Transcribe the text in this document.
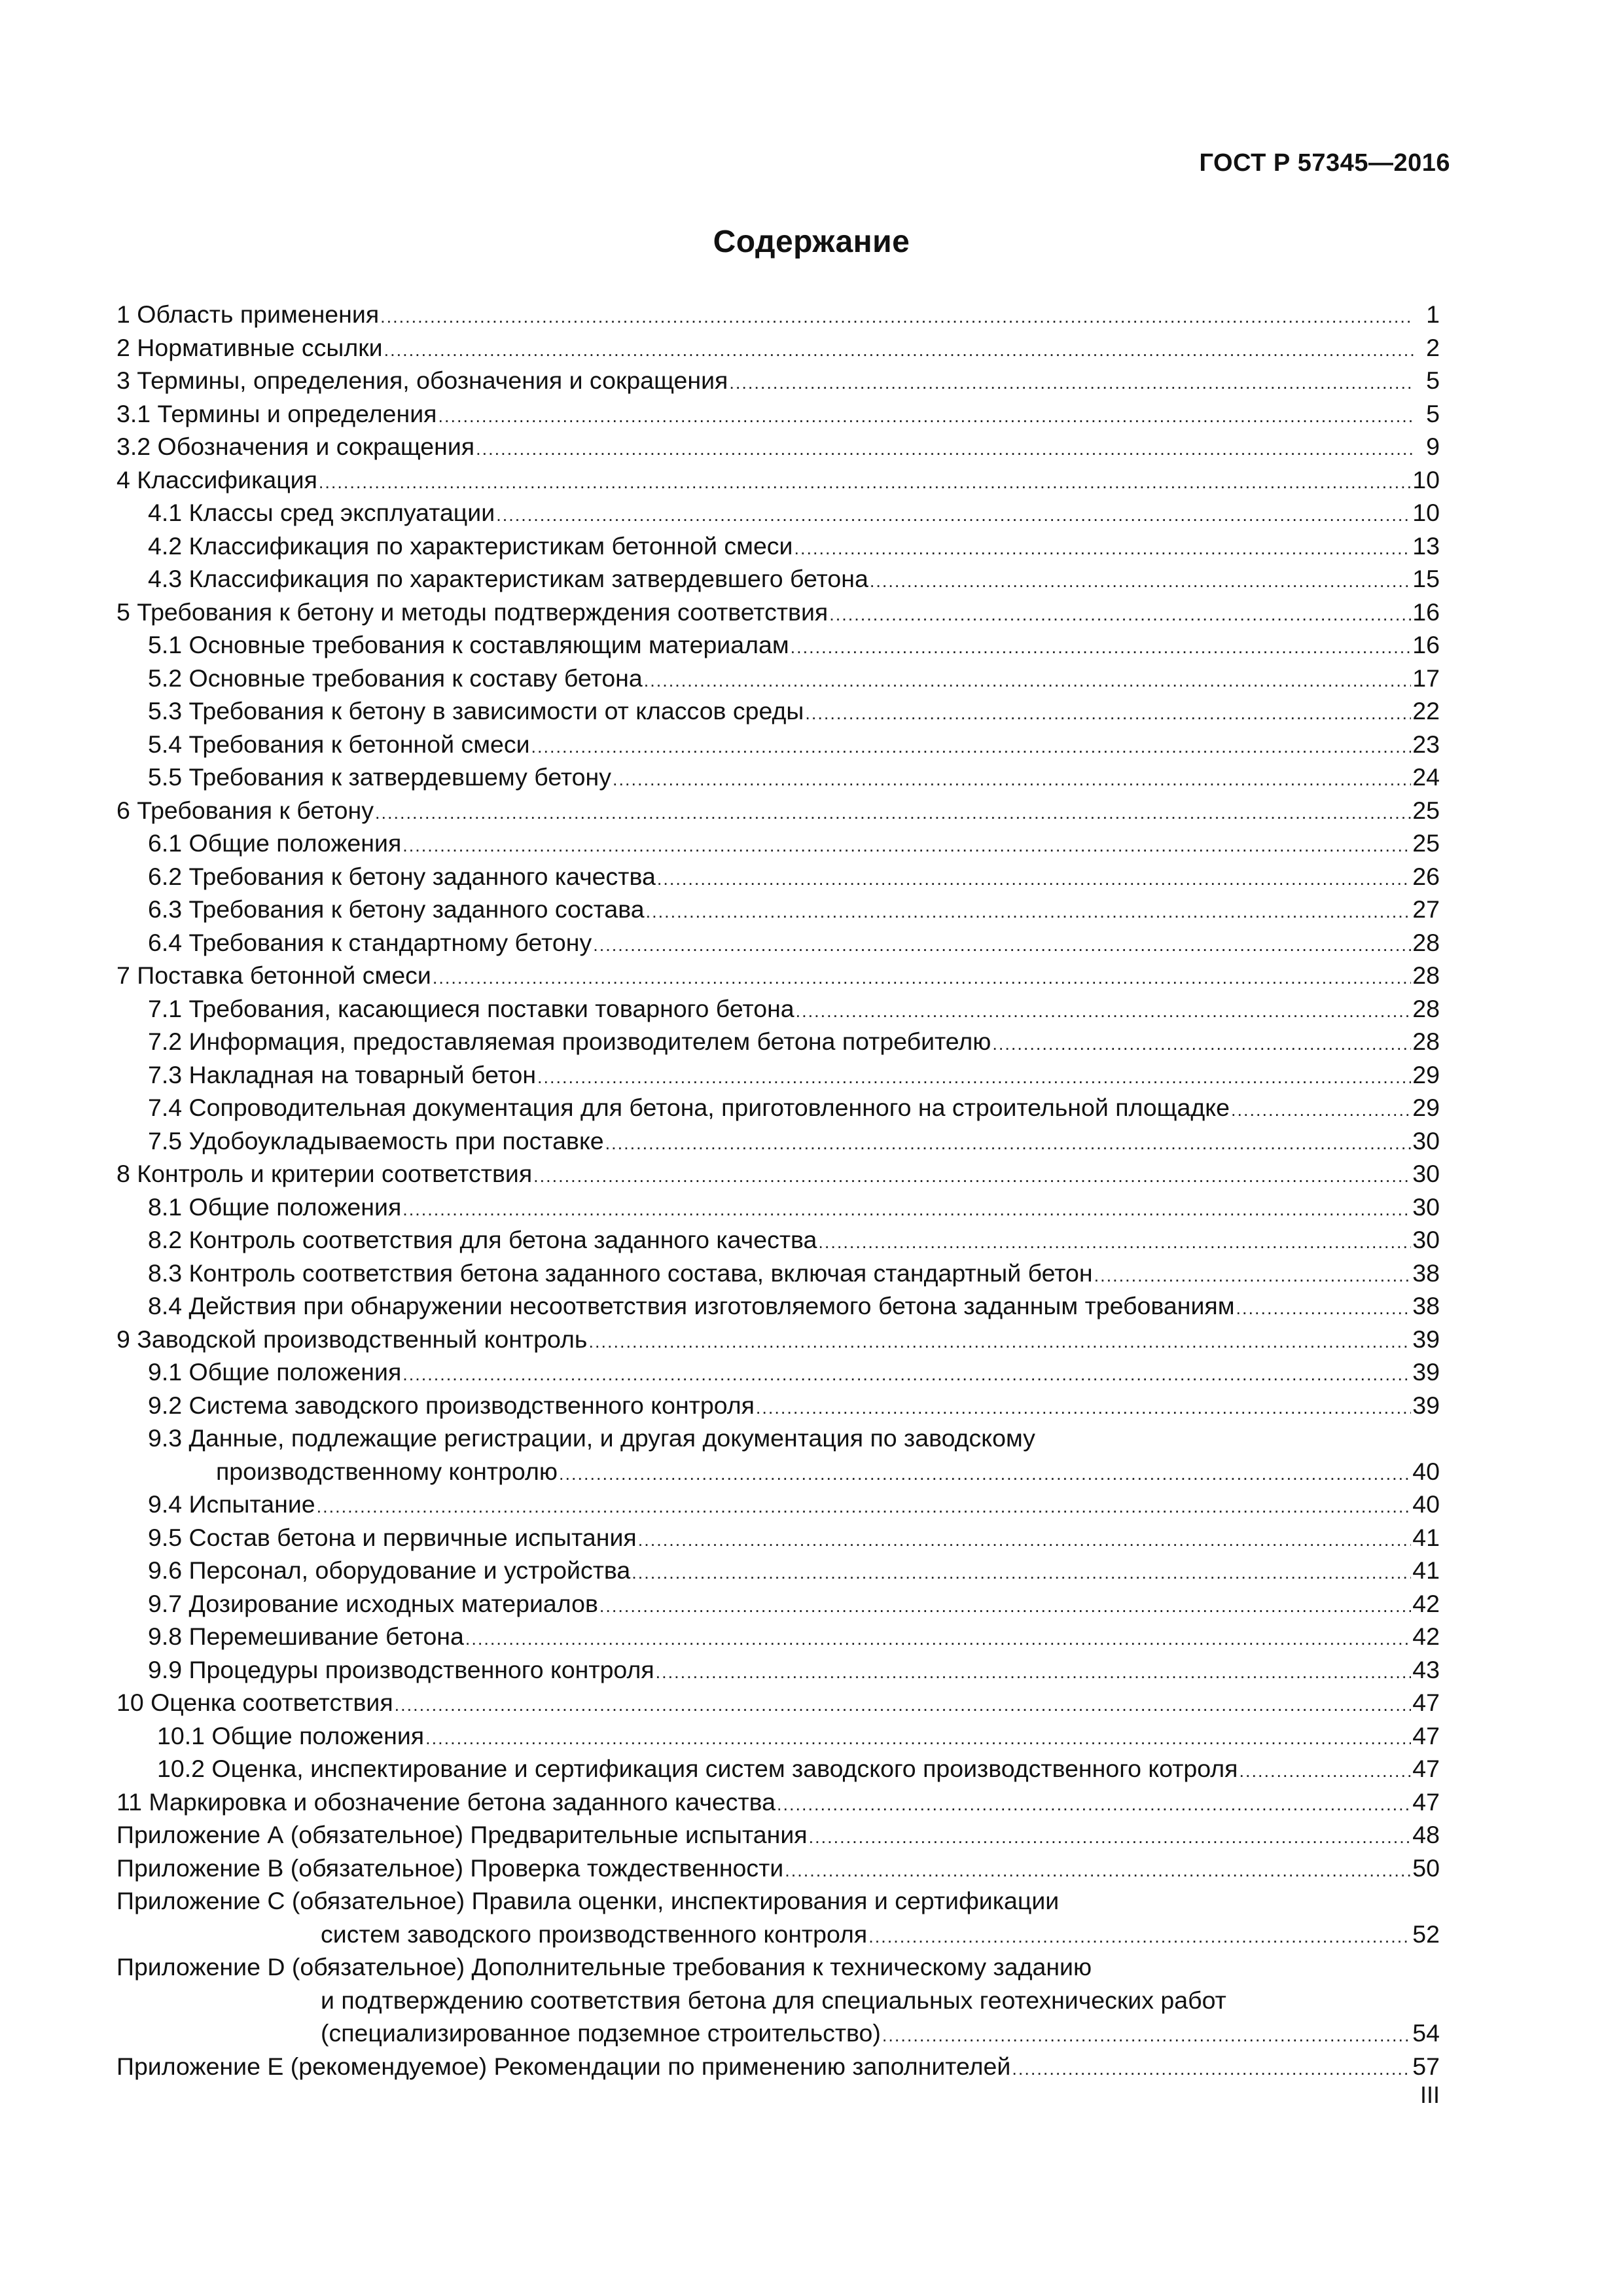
ГОСТ Р 57345—2016
Содержание
1 Область применения .....	1
2 Нормативные ссылки .....	2
3 Термины, определения, обозначения и сокращения .....	5
3.1 Термины и определения .....	5
3.2 Обозначения и сокращения .....	9
4 Классификация .....	10
4.1 Классы сред эксплуатации .....	10
4.2 Классификация по характеристикам бетонной смеси .....	13
4.3 Классификация по характеристикам затвердевшего бетона .....	15
5 Требования к бетону и методы подтверждения соответствия .....	16
5.1 Основные требования к составляющим материалам .....	16
5.2 Основные требования к составу бетона .....	17
5.3 Требования к бетону в зависимости от классов среды .....	22
5.4 Требования к бетонной смеси .....	23
5.5 Требования к затвердевшему бетону .....	24
6 Требования к бетону .....	25
6.1 Общие положения .....	25
6.2 Требования к бетону заданного качества .....	26
6.3 Требования к бетону заданного состава .....	27
6.4 Требования к стандартному бетону .....	28
7 Поставка бетонной смеси .....	28
7.1 Требования, касающиеся поставки товарного бетона .....	28
7.2 Информация, предоставляемая производителем бетона потребителю .....	28
7.3 Накладная на товарный бетон .....	29
7.4 Сопроводительная документация для бетона, приготовленного на строительной площадке .....	29
7.5 Удобоукладываемость при поставке .....	30
8 Контроль и критерии соответствия .....	30
8.1 Общие положения .....	30
8.2 Контроль соответствия для бетона заданного качества .....	30
8.3 Контроль соответствия бетона заданного состава, включая стандартный бетон .....	38
8.4 Действия при обнаружении несоответствия изготовляемого бетона заданным требованиям .....	38
9 Заводской производственный контроль .....	39
9.1 Общие положения .....	39
9.2 Система заводского производственного контроля .....	39
9.3 Данные, подлежащие регистрации, и другая документация по заводскому
производственному контролю .....	40
9.4 Испытание .....	40
9.5 Состав бетона и первичные испытания .....	41
9.6 Персонал, оборудование и устройства .....	41
9.7 Дозирование исходных материалов .....	42
9.8 Перемешивание бетона .....	42
9.9 Процедуры производственного контроля .....	43
10 Оценка соответствия .....	47
10.1 Общие положения .....	47
10.2 Оценка, инспектирование и сертификация систем заводского производственного котроля .....	47
11 Маркировка и обозначение бетона заданного качества .....	47
Приложение А (обязательное) Предварительные испытания .....	48
Приложение В (обязательное) Проверка тождественности .....	50
Приложение С (обязательное) Правила оценки, инспектирования и сертификации
систем заводского производственного контроля .....	52
Приложение D (обязательное) Дополнительные требования к техническому заданию
и подтверждению соответствия бетона для специальных геотехнических работ
(специализированное подземное строительство) .....	54
Приложение Е (рекомендуемое) Рекомендации по применению заполнителей .....	57
III
